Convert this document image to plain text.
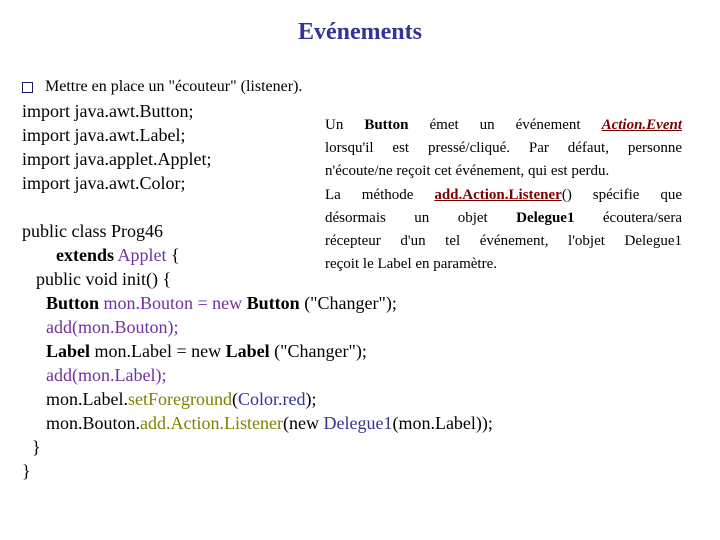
Evénements
Mettre en place un "écouteur" (listener).
import java.awt.Button;
import java.awt.Label;
import java.applet.Applet;
import java.awt.Color;
public class Prog46
extends Applet {
public void init() {
Button mon.Bouton = new Button ("Changer");
add(mon.Bouton);
Label mon.Label = new Label ("Changer");
add(mon.Label);
mon.Label.setForeground(Color.red);
mon.Bouton.add.Action.Listener(new Delegue1(mon.Label));
}
}

Un Button émet un événement Action.Event

lorsqu'il est pressé/cliqué. Par défaut, personne

n'écoute/ne reçoit cet événement, qui est perdu.

La méthode add.Action.Listener() spécifie que

désormais un objet Delegue1 écoutera/sera

récepteur d'un tel événement, l'objet Delegue1

reçoit le Label en paramètre.
